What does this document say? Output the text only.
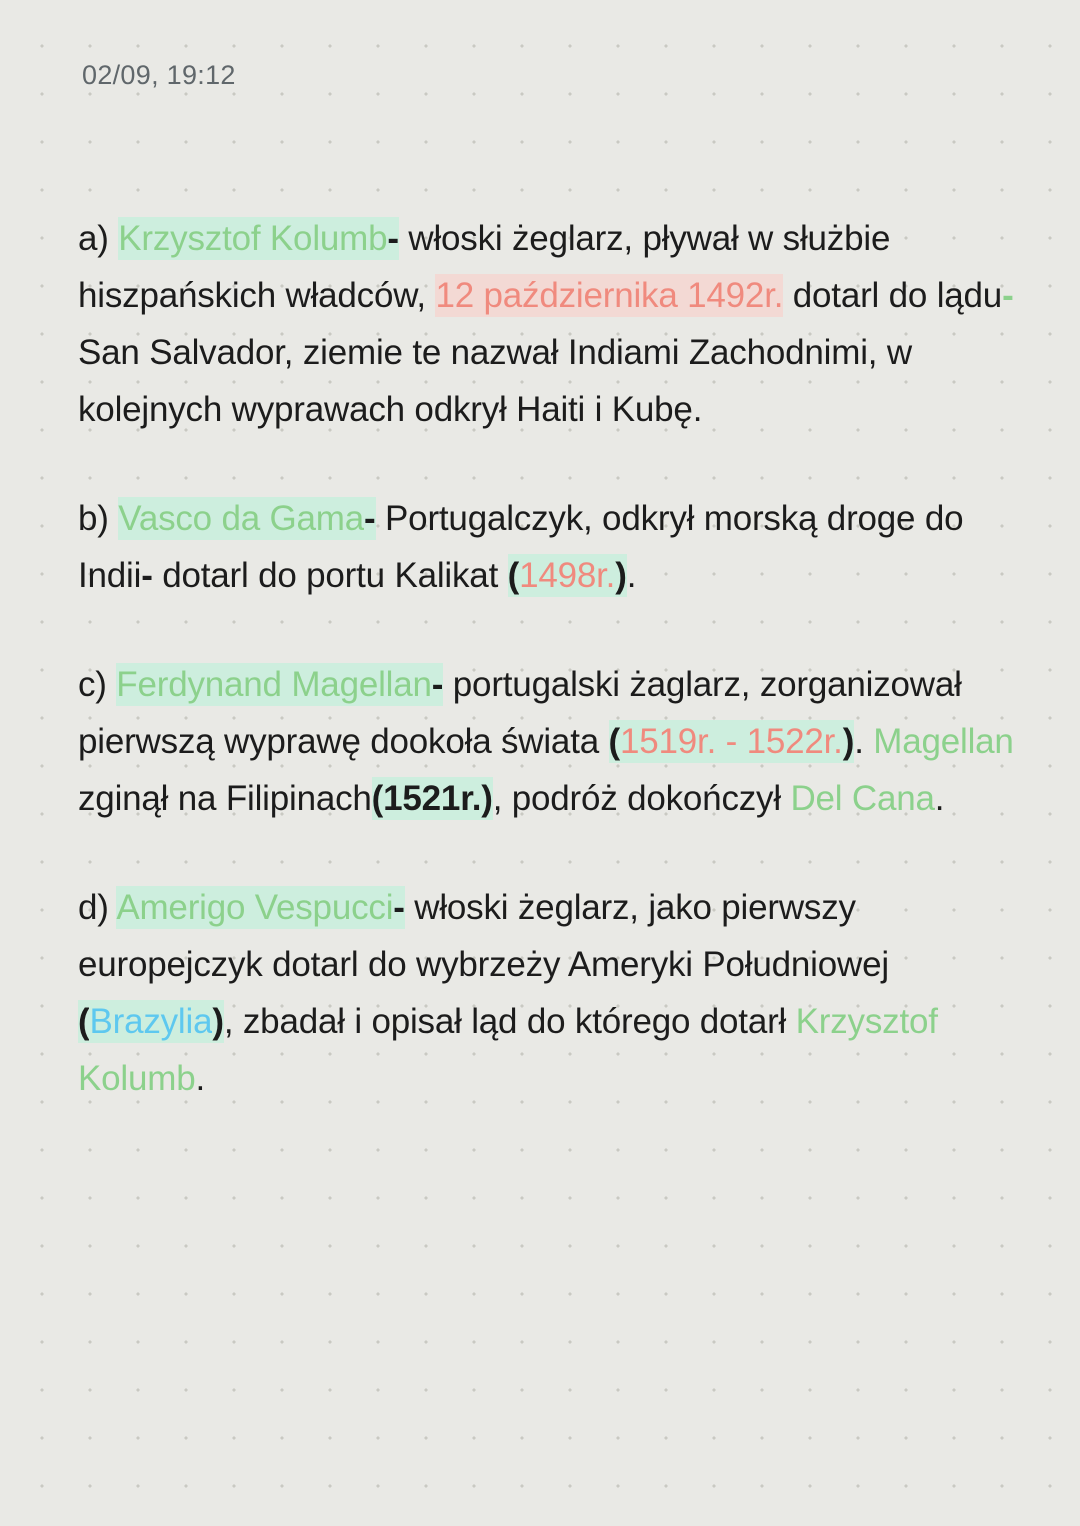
02/09, 19:12

a) Krzysztof Kolumb- włoski żeglarz, pływał w służbie hiszpańskich władców, 12 października 1492r. dotarl do lądu- San Salvador, ziemie te nazwał Indiami Zachodnimi, w kolejnych wyprawach odkrył Haiti i Kubę.

b) Vasco da Gama- Portugalczyk, odkrył morską droge do Indii- dotarl do portu Kalikat (1498r.).

c) Ferdynand Magellan- portugalski żaglarz, zorganizował pierwszą wyprawę dookoła świata (1519r. - 1522r.). Magellan zginął na Filipinach(1521r.), podróż dokończył Del Cana.

d) Amerigo Vespucci- włoski żeglarz, jako pierwszy europejczyk dotarl do wybrzeży Ameryki Południowej (Brazylia), zbadał i opisał ląd do którego dotarł Krzysztof Kolumb.
